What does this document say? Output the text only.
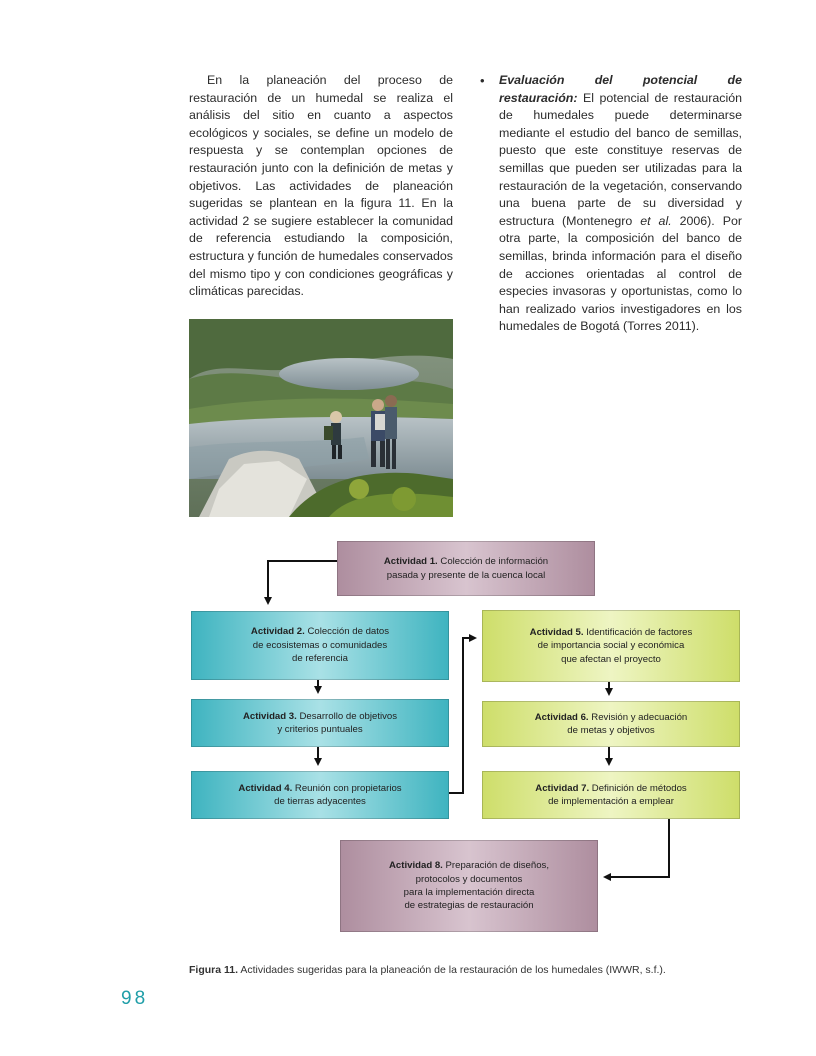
En la planeación del proceso de restauración de un humedal se realiza el análisis del sitio en cuanto a aspectos ecológicos y sociales, se define un modelo de respuesta y se contemplan opciones de restauración junto con la definición de metas y objetivos. Las actividades de planeación sugeridas se plantean en la figura 11. En la actividad 2 se sugiere establecer la comunidad de referencia estudiando la composición, estructura y función de humedales conservados del mismo tipo y con condiciones geográficas y climáticas parecidas.
•	Evaluación del potencial de restauración: El potencial de restauración de humedales puede determinarse mediante el estudio del banco de semillas, puesto que este constituye reservas de semillas que pueden ser utilizadas para la restauración de la vegetación, conservando una buena parte de su diversidad y estructura (Montenegro et al. 2006). Por otra parte, la composición del banco de semillas, brinda información para el diseño de acciones orientadas al control de especies invasoras y oportunistas, como lo han realizado varios investigadores en los humedales de Bogotá (Torres 2011).
Actividad 1. Colección de información
pasada y presente de la cuenca local
Actividad 2. Colección de datos
de ecosistemas o comunidades
de referencia
Actividad 3. Desarrollo de objetivos
y criterios puntuales
Actividad 4. Reunión con propietarios
de tierras adyacentes
Actividad 5. Identificación de factores
de importancia social y económica
que afectan el proyecto
Actividad 6. Revisión y adecuación
de metas y objetivos
Actividad 7. Definición de métodos
de implementación a emplear
Actividad 8. Preparación de diseños,
protocolos y documentos
para la implementación directa
de estrategias de restauración
Figura 11. Actividades sugeridas para la planeación de la restauración de los humedales (IWWR, s.f.).
98
